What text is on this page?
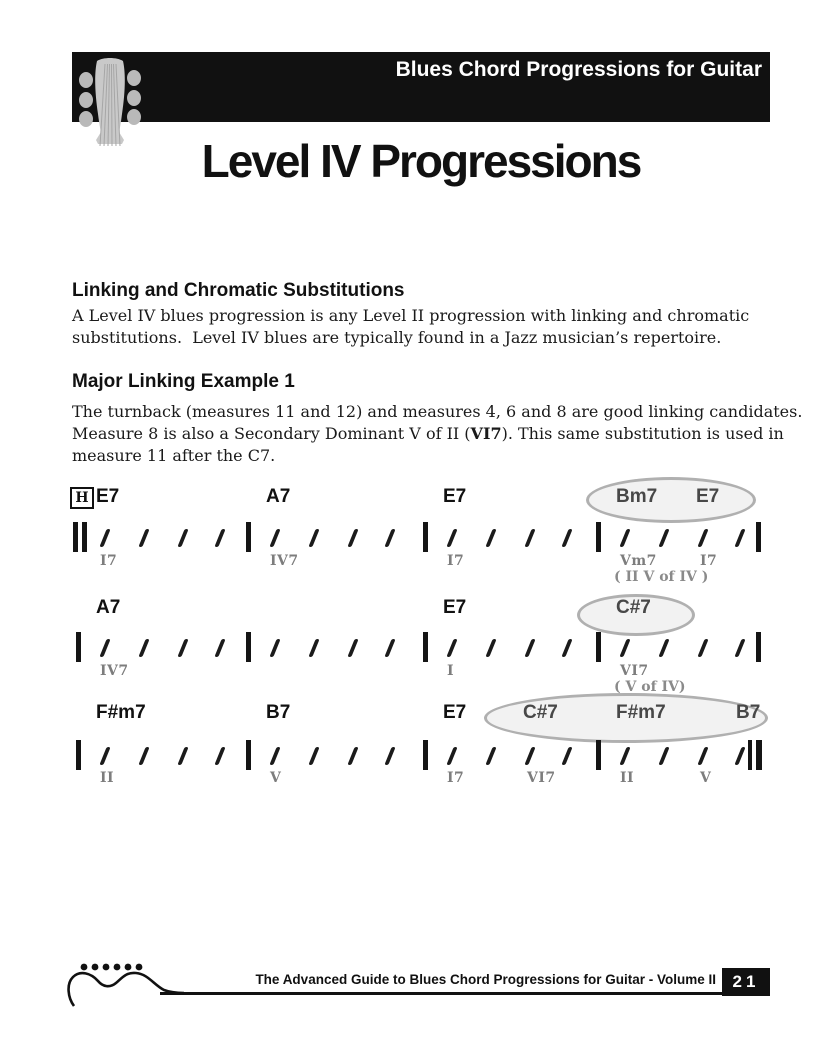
Blues Chord Progressions for Guitar
Level IV Progressions
Linking and Chromatic Substitutions
A Level IV blues progression is any Level II progression with linking and chromatic
substitutions.  Level IV blues are typically found in a Jazz musician’s repertoire.
Major Linking Example 1
The turnback (measures 11 and 12) and measures 4, 6 and 8 are good linking candidates.
Measure 8 is also a Secondary Dominant V of II (VI7). This same substitution is used in
measure 11 after the C7.
H E7
I7
A7
IV7
E7
I7
Bm7 E7
Vm7	I7
( II V of IV )
A7
IV7
E7
I
C#7
VI7
( V of IV)
F#m7
II
B7
V
E7	C#7
I7	VI7
F#m7	B7
II	V
The Advanced Guide to Blues Chord Progressions for Guitar - Volume II 21
